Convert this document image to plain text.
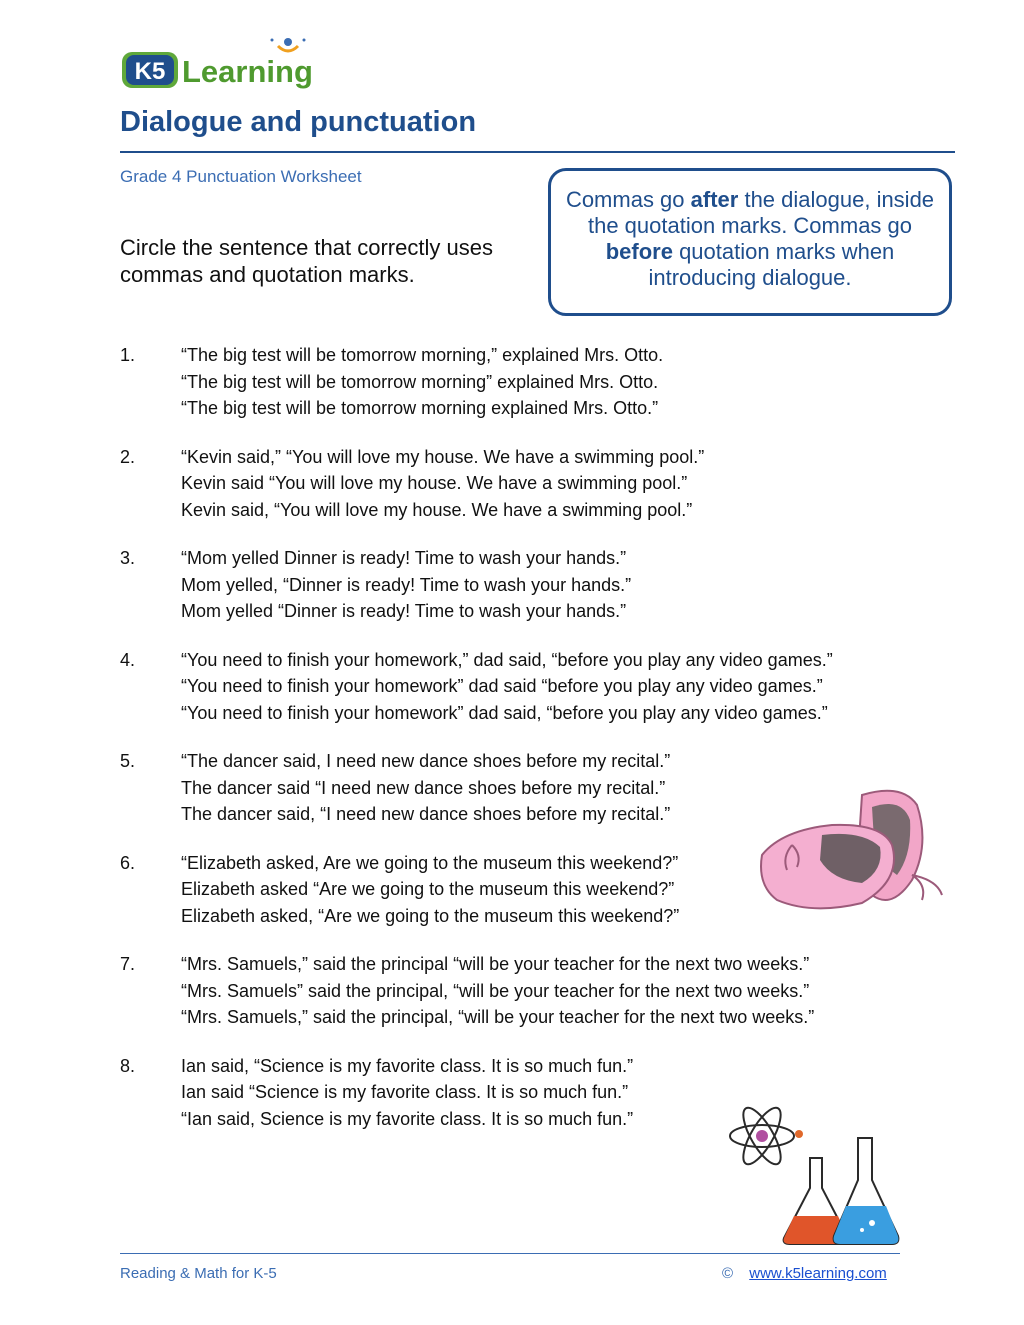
K5 Learning
Dialogue and punctuation
Grade 4 Punctuation Worksheet
Circle the sentence that correctly uses commas and quotation marks.
Commas go after the dialogue, inside the quotation marks. Commas go before quotation marks when introducing dialogue.
1.	“The big test will be tomorrow morning,” explained Mrs. Otto.
“The big test will be tomorrow morning” explained Mrs. Otto.
“The big test will be tomorrow morning explained Mrs. Otto.”
2.	“Kevin said,” “You will love my house. We have a swimming pool.”
Kevin said “You will love my house. We have a swimming pool.”
Kevin said, “You will love my house. We have a swimming pool.”
3.	“Mom yelled Dinner is ready! Time to wash your hands.”
Mom yelled, “Dinner is ready! Time to wash your hands.”
Mom yelled “Dinner is ready! Time to wash your hands.”
4.	“You need to finish your homework,” dad said, “before you play any video games.”
“You need to finish your homework” dad said “before you play any video games.”
“You need to finish your homework” dad said, “before you play any video games.”
5.	“The dancer said, I need new dance shoes before my recital.”
The dancer said “I need new dance shoes before my recital.”
The dancer said, “I need new dance shoes before my recital.”
6.	“Elizabeth asked, Are we going to the museum this weekend?”
Elizabeth asked “Are we going to the museum this weekend?”
Elizabeth asked, “Are we going to the museum this weekend?”
7.	“Mrs. Samuels,” said the principal “will be your teacher for the next two weeks.”
“Mrs. Samuels” said the principal, “will be your teacher for the next two weeks.”
“Mrs. Samuels,” said the principal, “will be your teacher for the next two weeks.”
8.	Ian said, “Science is my favorite class. It is so much fun.”
Ian said “Science is my favorite class. It is so much fun.”
“Ian said, Science is my favorite class. It is so much fun.”
Reading & Math for K-5	© www.k5learning.com
